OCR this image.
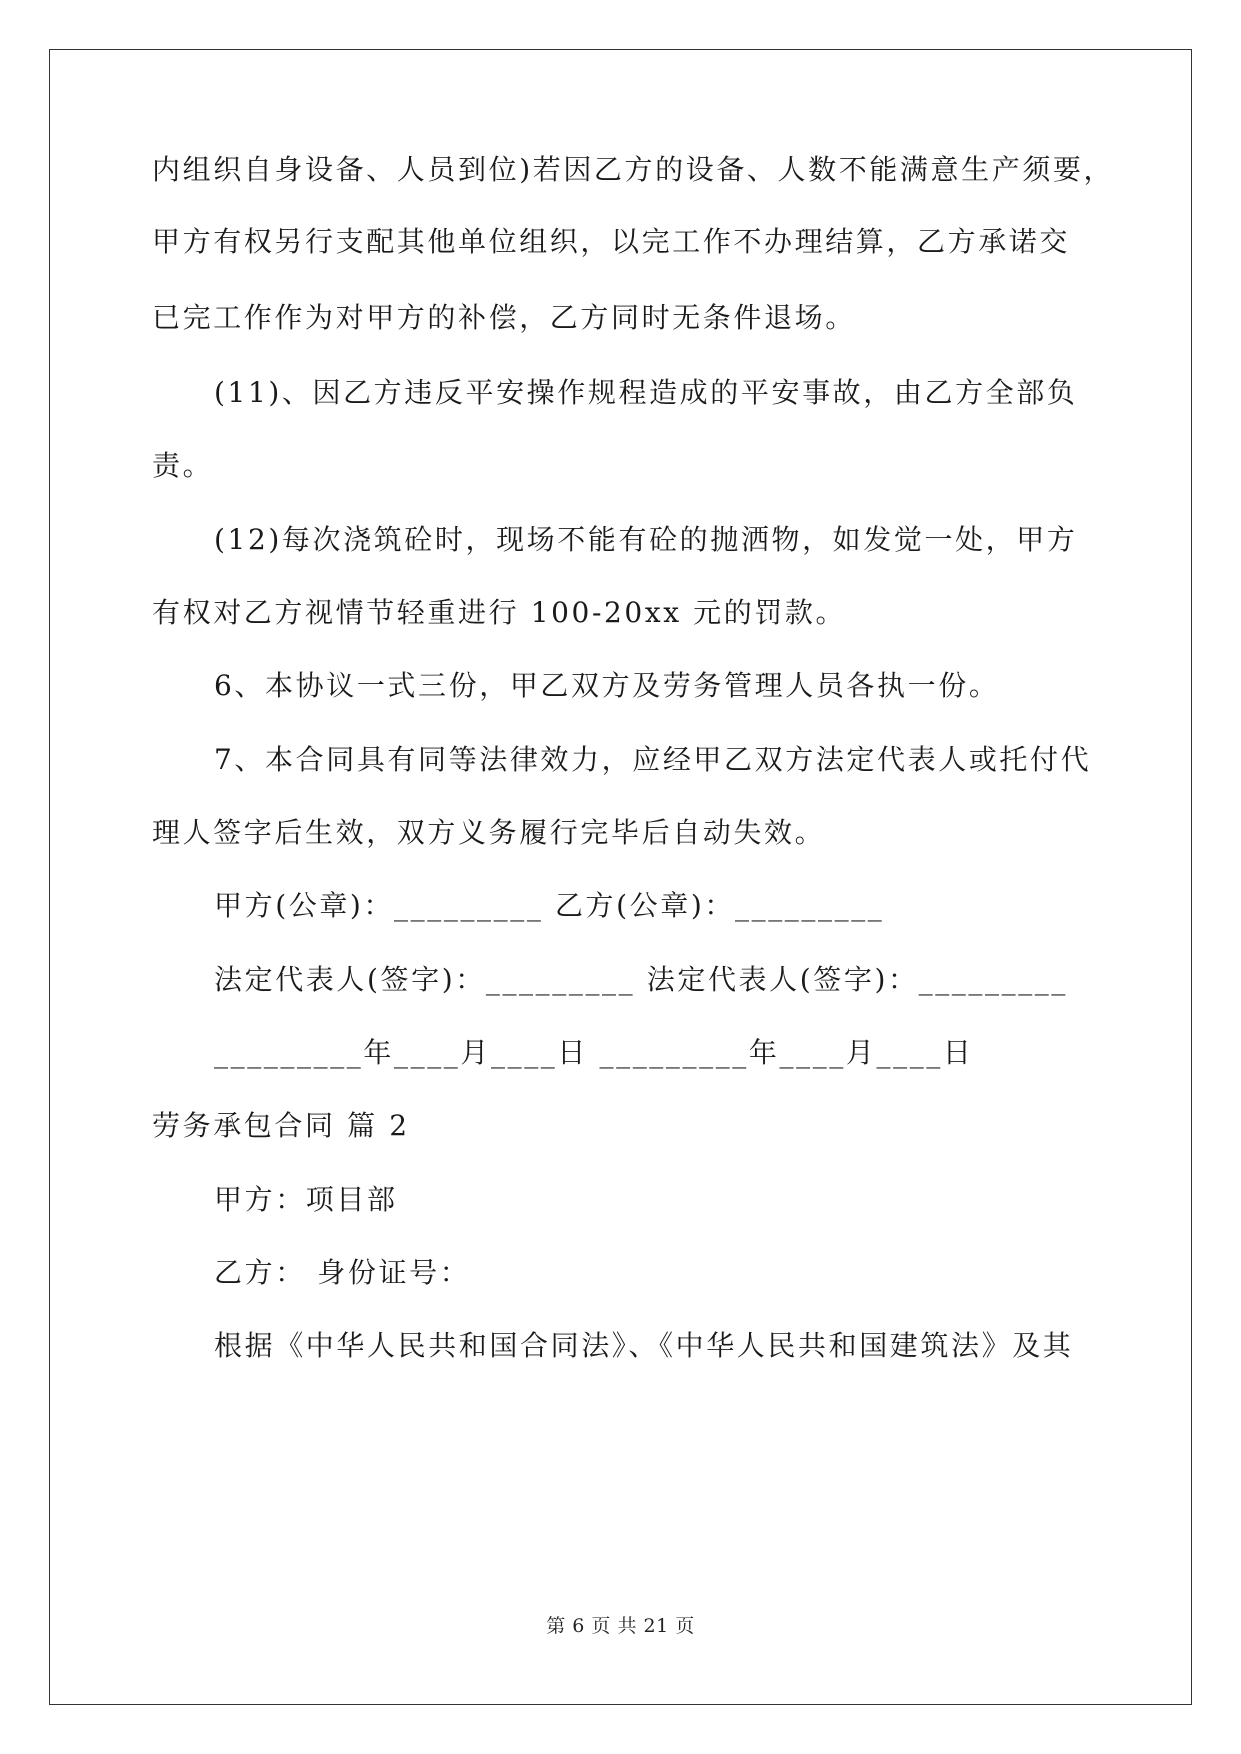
内组织自身设备、人员到位)若因乙方的设备、人数不能满意生产须要，
甲方有权另行支配其他单位组织，以完工作不办理结算，乙方承诺交
已完工作作为对甲方的补偿，乙方同时无条件退场。
(11)、因乙方违反平安操作规程造成的平安事故，由乙方全部负
责。
(12)每次浇筑砼时，现场不能有砼的抛洒物，如发觉一处，甲方
有权对乙方视情节轻重进行 100-20xx 元的罚款。
6、本协议一式三份，甲乙双方及劳务管理人员各执一份。
7、本合同具有同等法律效力，应经甲乙双方法定代表人或托付代
理人签字后生效，双方义务履行完毕后自动失效。
甲方(公章)：_________ 乙方(公章)：_________
法定代表人(签字)：_________ 法定代表人(签字)：_________
_________年____月____日 _________年____月____日
劳务承包合同 篇 2
甲方：项目部
乙方： 身份证号：
根据《中华人民共和国合同法》、《中华人民共和国建筑法》及其
第 6 页 共 21 页
